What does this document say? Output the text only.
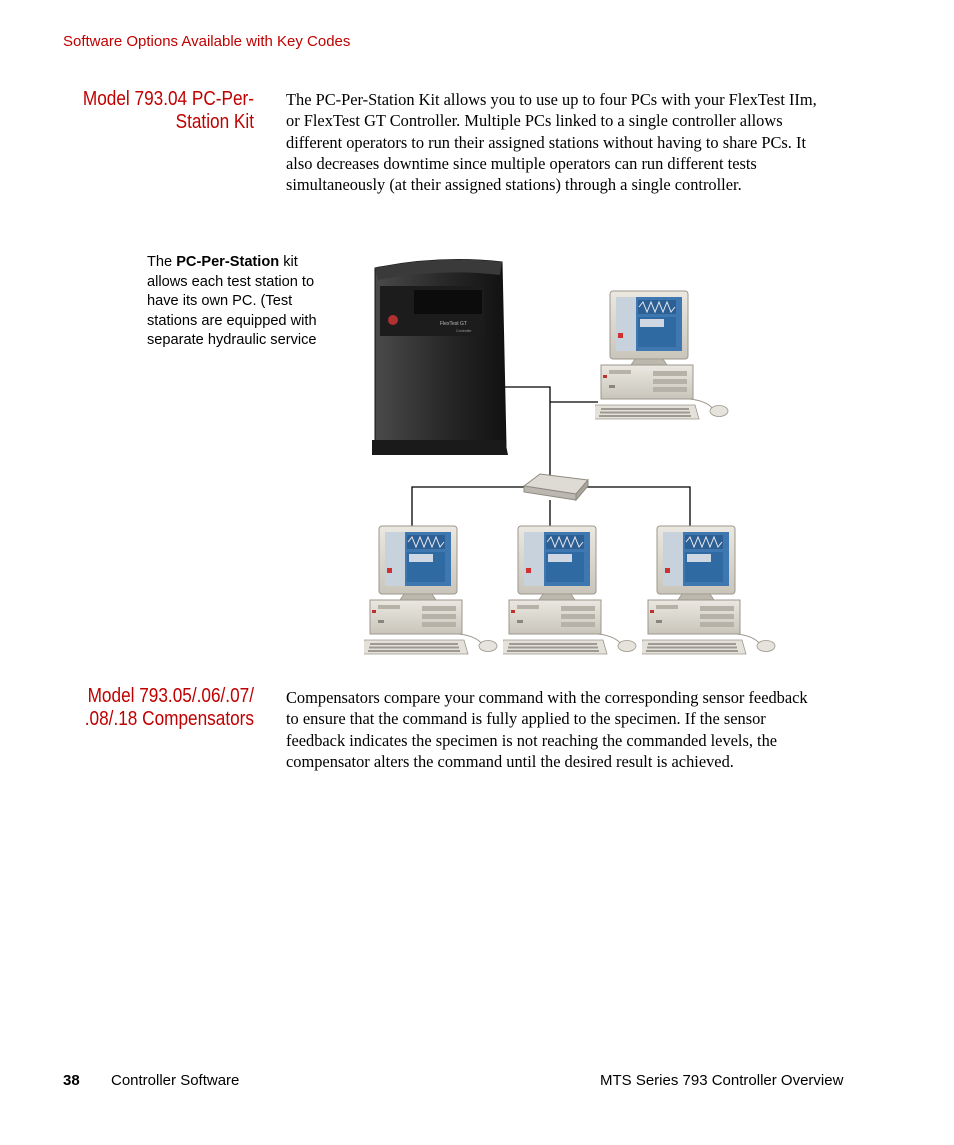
Software Options Available with Key Codes
Model 793.04 PC-Per-
Station Kit
The PC-Per-Station Kit allows you to use up to four PCs with your FlexTest IIm,
or FlexTest GT Controller. Multiple PCs linked to a single controller allows
different operators to run their assigned stations without having to share PCs. It
also decreases downtime since multiple operators can run different tests
simultaneously (at their assigned stations) through a single controller.
The PC-Per-Station kit
allows each test station to
have its own PC. (Test
stations are equipped with
separate hydraulic service
FlexTest GT
Controller
Model 793.05/.06/.07/
.08/.18 Compensators
Compensators compare your command with the corresponding sensor feedback
to ensure that the command is fully applied to the specimen. If the sensor
feedback indicates the specimen is not reaching the commanded levels, the
compensator alters the command until the desired result is achieved.
38 Controller Software	MTS Series 793 Controller Overview
